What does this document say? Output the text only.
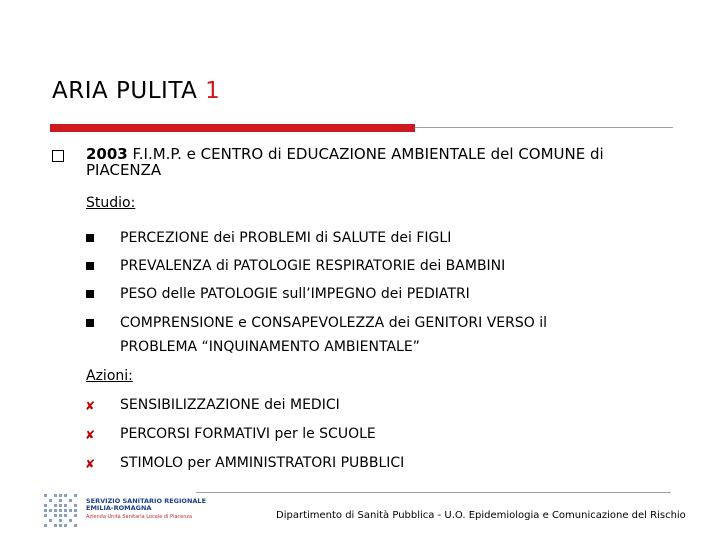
ARIA PULITA 1
2003 F.I.M.P. e CENTRO di EDUCAZIONE AMBIENTALE del COMUNE di PIACENZA
Studio:
PERCEZIONE dei PROBLEMI di SALUTE dei FIGLI
PREVALENZA di PATOLOGIE RESPIRATORIE dei BAMBINI
PESO delle PATOLOGIE sull’IMPEGNO dei PEDIATRI
COMPRENSIONE e CONSAPEVOLEZZA dei GENITORI VERSO il
PROBLEMA “INQUINAMENTO AMBIENTALE”
Azioni:
✘ SENSIBILIZZAZIONE dei MEDICI
✘ PERCORSI FORMATIVI per le SCUOLE
✘ STIMOLO per AMMINISTRATORI PUBBLICI
SERVIZIO SANITARIO REGIONALE
EMILIA-ROMAGNA
Azienda Unità Sanitaria Locale di Piacenza	Dipartimento di Sanità Pubblica - U.O. Epidemiologia e Comunicazione del Rischio
